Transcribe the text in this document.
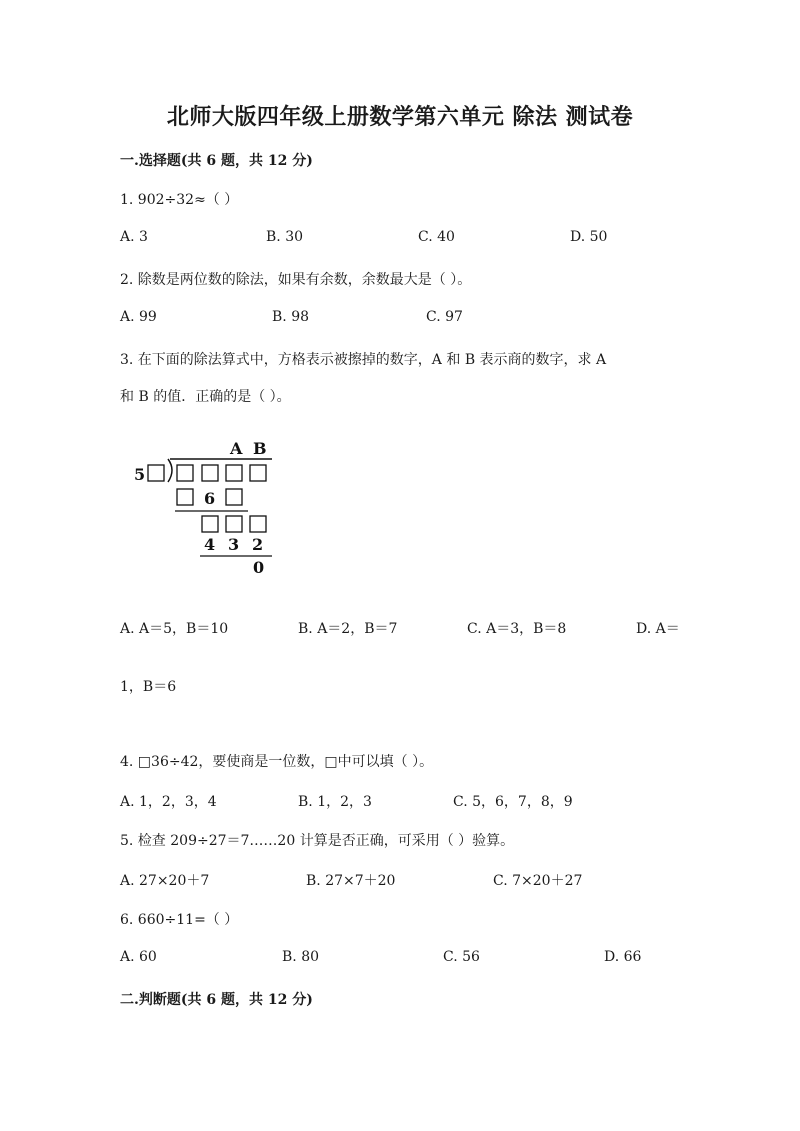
北师大版四年级上册数学第六单元 除法 测试卷
一.选择题(共 6 题，共 12 分)
1. 902÷32≈（ ）
A. 3	B. 30	C. 40	D. 50
2. 除数是两位数的除法，如果有余数，余数最大是（ ）。
A. 99	B. 98	C. 97
3. 在下面的除法算式中，方格表示被擦掉的数字，A 和 B 表示商的数字，求 A
和 B 的值．正确的是（ ）。
A B
5
6
4 3 2
0
A. A＝5，B＝10	B. A＝2，B＝7	C. A＝3，B＝8	D. A＝
1，B＝6
4. □36÷42，要使商是一位数，□中可以填（ ）。
A. 1，2，3，4	B. 1，2，3	C. 5，6，7，8，9
5. 检查 209÷27＝7……20 计算是否正确，可采用（ ）验算。
A. 27×20＋7	B. 27×7＋20	C. 7×20＋27
6. 660÷11=（ ）
A. 60	B. 80	C. 56	D. 66
二.判断题(共 6 题，共 12 分)
